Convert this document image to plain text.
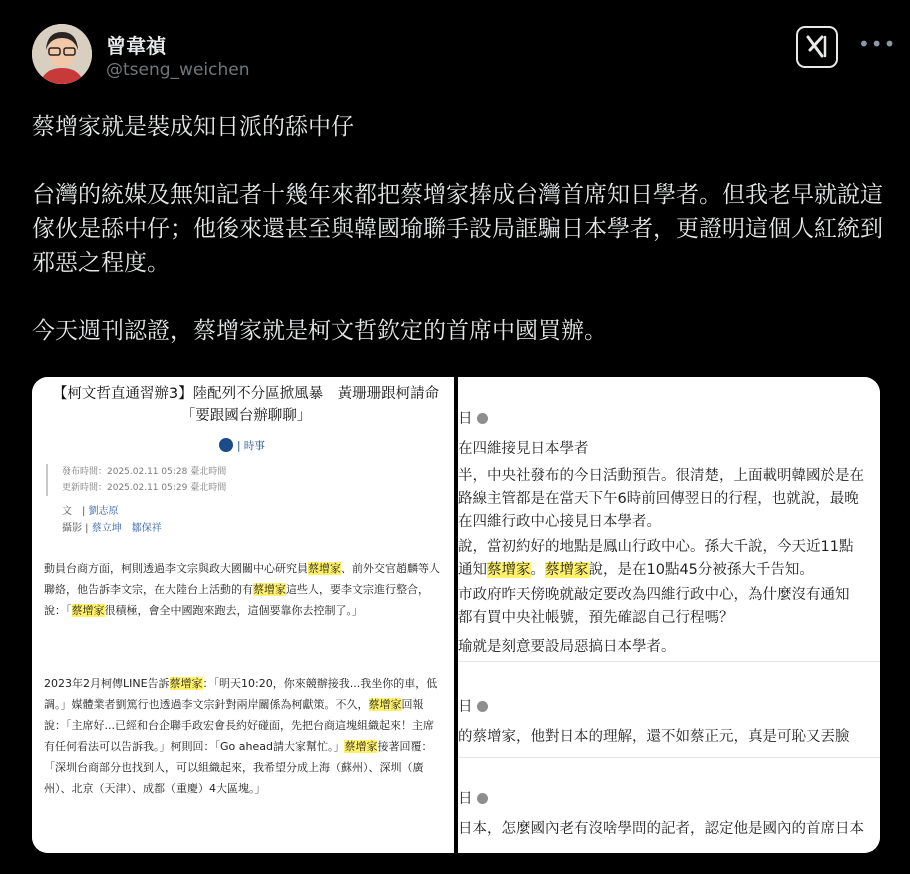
曾韋禎
@tseng_weichen
•••
蔡增家就是裝成知日派的舔中仔

台灣的統媒及無知記者十幾年來都把蔡增家捧成台灣首席知日學者。但我老早就說這傢伙是舔中仔；他後來還甚至與韓國瑜聯手設局誆騙日本學者，更證明這個人紅統到邪惡之程度。

今天週刊認證，蔡增家就是柯文哲欽定的首席中國買辦。
【柯文哲直通習辦3】陸配列不分區掀風暴　黃珊珊跟柯請命「要跟國台辦聊聊」
| 時事
發布時間：2025.02.11 05:28 臺北時間
更新時間：2025.02.11 05:29 臺北時間
文　| 劉志原
攝影 | 蔡立坤　鄒保祥
動員台商方面，柯則透過李文宗與政大國關中心研究員蔡增家、前外交官趙麟等人聯絡，他告訴李文宗，在大陸台上活動的有蔡增家這些人，要李文宗進行整合，說：「蔡增家很積極，會全中國跑來跑去，這個要靠你去控制了。」
2023年2月柯傳LINE告訴蔡增家：「明天10:20，你來競辦接我...我坐你的車，低調。」媒體業者劉篤行也透過李文宗針對兩岸關係為柯獻策。不久，蔡增家回報說：「主席好...已經和台企聯手政宏會長約好碰面，先把台商這塊組織起來！主席有任何看法可以告訴我。」柯則回：「Go ahead請大家幫忙。」蔡增家接著回覆：「深圳台商部分也找到人，可以組織起來，我希望分成上海（蘇州）、深圳（廣州）、北京（天津）、成都（重慶）4大區塊。」
日
在四維接見日本學者
半，中央社發布的今日活動預告。很清楚，上面載明韓國於是在
路線主管都是在當天下午6時前回傳翌日的行程，也就說，最晚
在四維行政中心接見日本學者。
說，當初約好的地點是鳳山行政中心。孫大千說，今天近11點
通知蔡增家。蔡增家說，是在10點45分被孫大千告知。
市政府昨天傍晚就敲定要改為四維行政中心，為什麼沒有通知
都有買中央社帳號，預先確認自己行程嗎？
瑜就是刻意要設局惡搞日本學者。
日
的蔡增家，他對日本的理解，還不如蔡正元，真是可恥又丟臉
日
日本，怎麼國內老有沒啥學問的記者，認定他是國內的首席日本
